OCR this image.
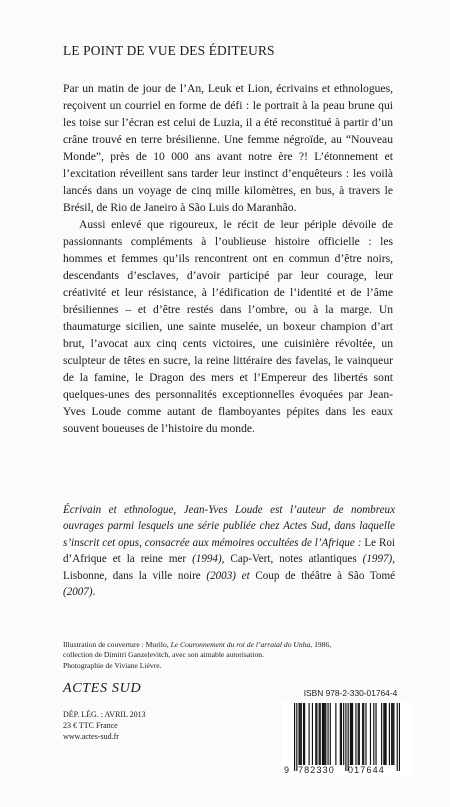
LE POINT DE VUE DES ÉDITEURS

Par un matin de jour de l’An, Leuk et Lion, écrivains et ethnologues, reçoivent un courriel en forme de défi : le portrait à la peau brune qui les toise sur l’écran est celui de Luzia, il a été reconstitué à partir d’un crâne trouvé en terre brésilienne. Une femme négroïde, au “Nouveau Monde”, près de 10 000 ans avant notre ère ?! L’étonnement et l’excitation réveillent sans tarder leur instinct d’enquêteurs : les voilà lancés dans un voyage de cinq mille kilomètres, en bus, à travers le Brésil, de Rio de Janeiro à São Luis do Maranhão.

Aussi enlevé que rigoureux, le récit de leur périple dévoile de passionnants compléments à l’oublieuse histoire officielle : les hommes et femmes qu’ils rencontrent ont en commun d’être noirs, descendants d’esclaves, d’avoir participé par leur courage, leur créativité et leur résistance, à l’édification de l’identité et de l’âme brésiliennes – et d’être restés dans l’ombre, ou à la marge. Un thaumaturge sicilien, une sainte muselée, un boxeur champion d’art brut, l’avocat aux cinq cents victoires, une cuisinière révoltée, un sculpteur de têtes en sucre, la reine littéraire des favelas, le vainqueur de la famine, le Dragon des mers et l’Empereur des libertés sont quelques-unes des personnalités exceptionnelles évoquées par Jean-Yves Loude comme autant de flamboyantes pépites dans les eaux souvent boueuses de l’histoire du monde.

Écrivain et ethnologue, Jean-Yves Loude est l’auteur de nombreux ouvrages parmi lesquels une série publiée chez Actes Sud, dans laquelle s’inscrit cet opus, consacrée aux mémoires occultées de l’Afrique : Le Roi d’Afrique et la reine mer (1994), Cap-Vert, notes atlantiques (1997), Lisbonne, dans la ville noire (2003) et Coup de théâtre à São Tomé (2007).
Illustration de couverture : Murilo, Le Couronnement du roi de l’arraial do Unha, 1986,
collection de Dimitri Ganzelevitch, avec son aimable autorisation.
Photographie de Viviane Liévre.
ACTES SUD
DÉP. LÉG. : AVRIL 2013
23 € TTC France
www.actes-sud.fr
ISBN 978-2-330-01764-4
9 782330 017644
